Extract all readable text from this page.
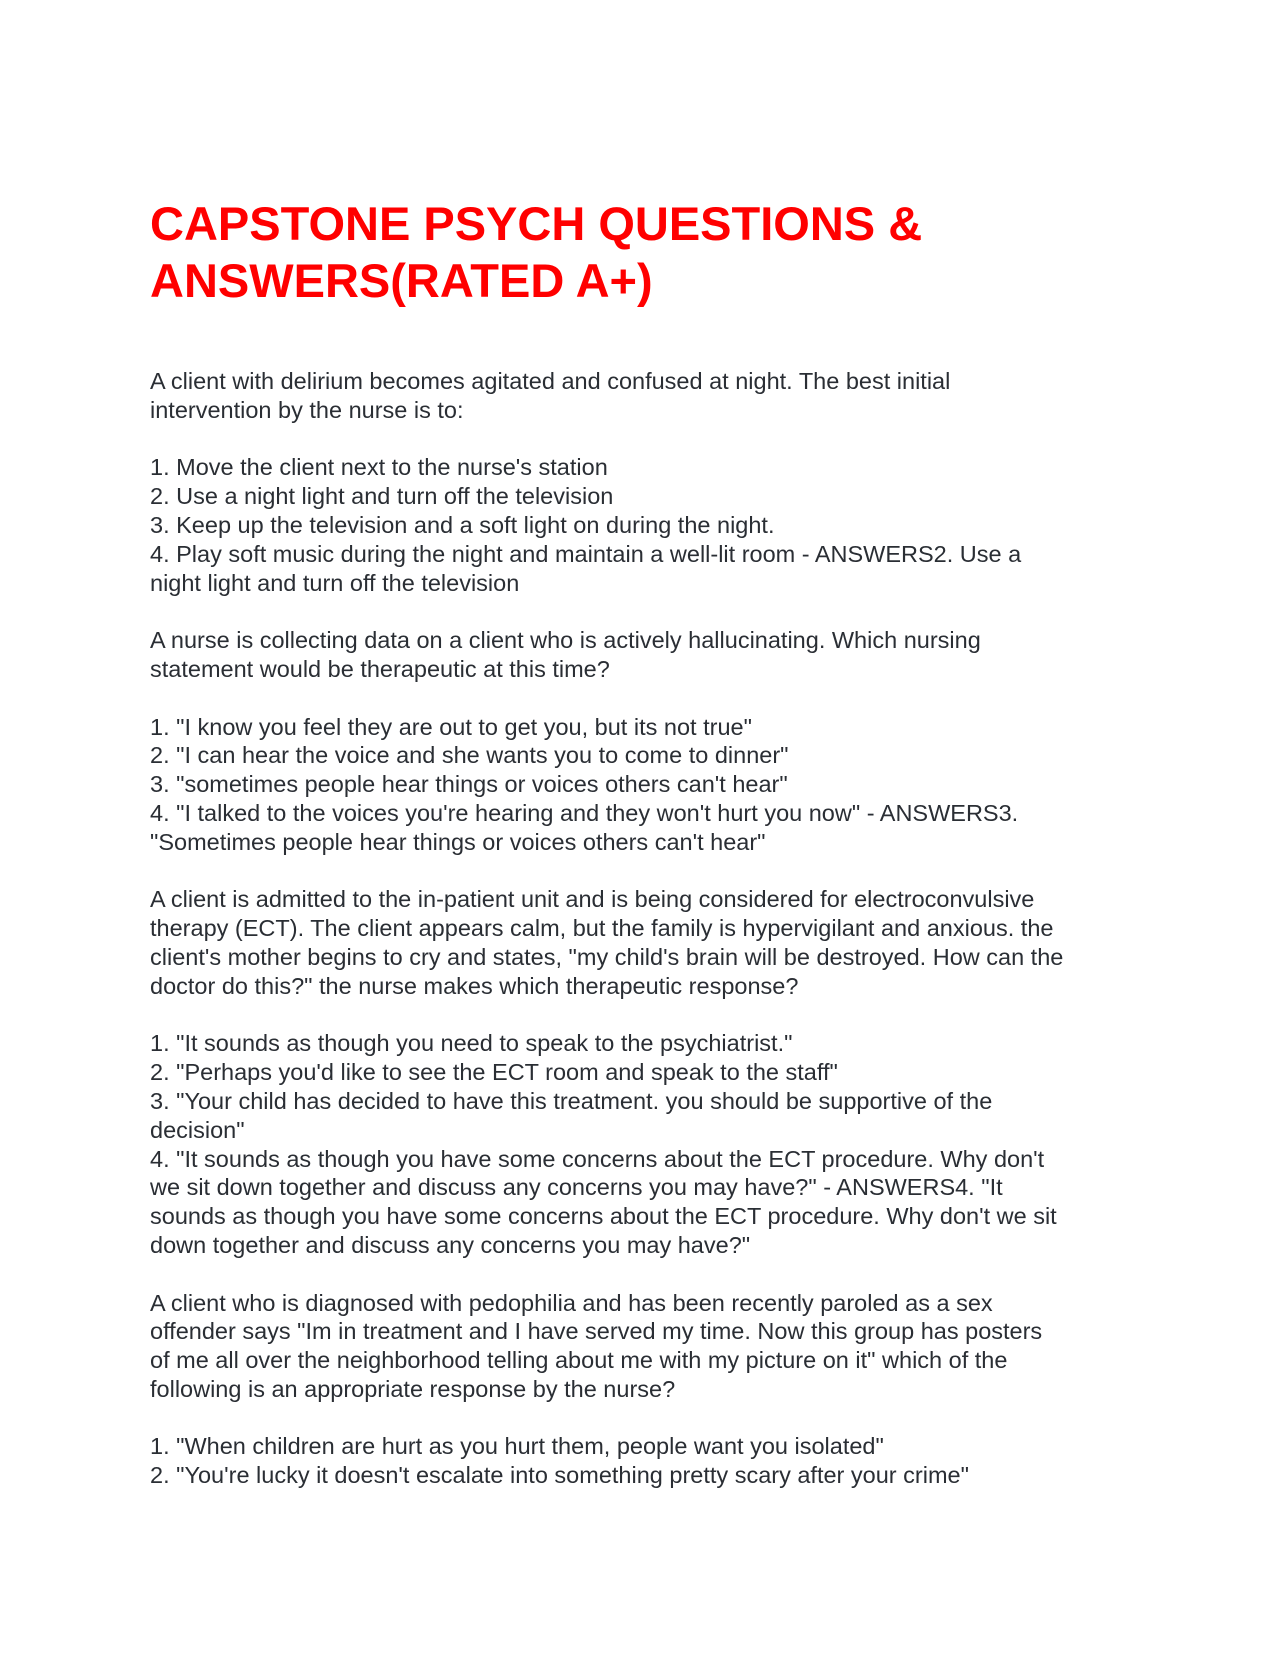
CAPSTONE PSYCH QUESTIONS &
ANSWERS(RATED A+)
A client with delirium becomes agitated and confused at night. The best initial
intervention by the nurse is to:
1. Move the client next to the nurse's station
2. Use a night light and turn off the television
3. Keep up the television and a soft light on during the night.
4. Play soft music during the night and maintain a well-lit room - ANSWERS2. Use a
night light and turn off the television
A nurse is collecting data on a client who is actively hallucinating. Which nursing
statement would be therapeutic at this time?
1. "I know you feel they are out to get you, but its not true"
2. "I can hear the voice and she wants you to come to dinner"
3. "sometimes people hear things or voices others can't hear"
4. "I talked to the voices you're hearing and they won't hurt you now" - ANSWERS3.
"Sometimes people hear things or voices others can't hear"
A client is admitted to the in-patient unit and is being considered for electroconvulsive
therapy (ECT). The client appears calm, but the family is hypervigilant and anxious. the
client's mother begins to cry and states, "my child's brain will be destroyed. How can the
doctor do this?" the nurse makes which therapeutic response?
1. "It sounds as though you need to speak to the psychiatrist."
2. "Perhaps you'd like to see the ECT room and speak to the staff"
3. "Your child has decided to have this treatment. you should be supportive of the
decision"
4. "It sounds as though you have some concerns about the ECT procedure. Why don't
we sit down together and discuss any concerns you may have?" - ANSWERS4. "It
sounds as though you have some concerns about the ECT procedure. Why don't we sit
down together and discuss any concerns you may have?"
A client who is diagnosed with pedophilia and has been recently paroled as a sex
offender says "Im in treatment and I have served my time. Now this group has posters
of me all over the neighborhood telling about me with my picture on it" which of the
following is an appropriate response by the nurse?
1. "When children are hurt as you hurt them, people want you isolated"
2. "You're lucky it doesn't escalate into something pretty scary after your crime"
